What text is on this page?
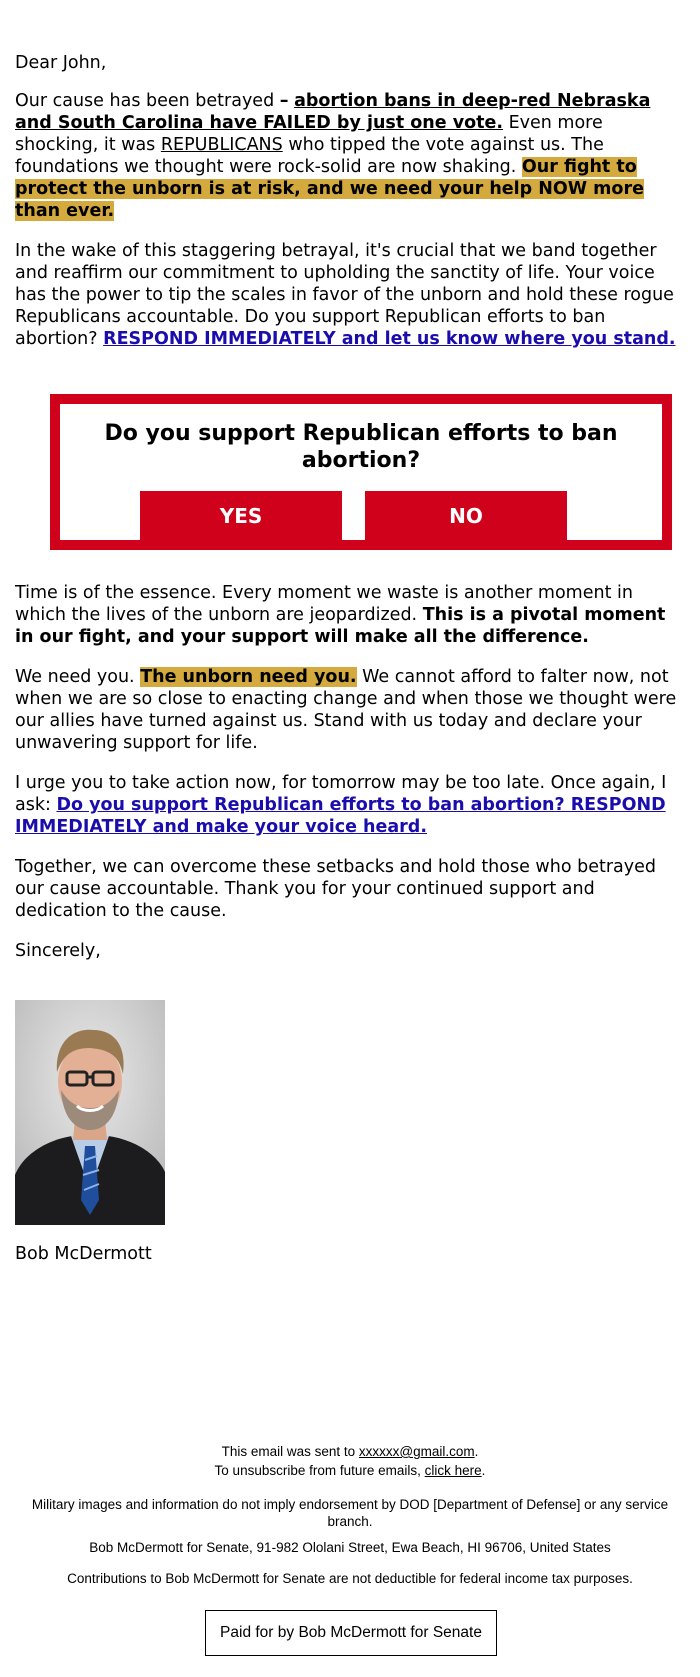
Dear John,

Our cause has been betrayed – abortion bans in deep-red Nebraska and South Carolina have FAILED by just one vote. Even more shocking, it was REPUBLICANS who tipped the vote against us. The foundations we thought were rock-solid are now shaking. Our fight to protect the unborn is at risk, and we need your help NOW more than ever.

In the wake of this staggering betrayal, it's crucial that we band together and reaffirm our commitment to upholding the sanctity of life. Your voice has the power to tip the scales in favor of the unborn and hold these rogue Republicans accountable. Do you support Republican efforts to ban abortion? RESPOND IMMEDIATELY and let us know where you stand.

Do you support Republican efforts to ban abortion?
YES	NO

Time is of the essence. Every moment we waste is another moment in which the lives of the unborn are jeopardized. This is a pivotal moment in our fight, and your support will make all the difference.

We need you. The unborn need you. We cannot afford to falter now, not when we are so close to enacting change and when those we thought were our allies have turned against us. Stand with us today and declare your unwavering support for life.

I urge you to take action now, for tomorrow may be too late. Once again, I ask: Do you support Republican efforts to ban abortion? RESPOND IMMEDIATELY and make your voice heard.

Together, we can overcome these setbacks and hold those who betrayed our cause accountable. Thank you for your continued support and dedication to the cause.

Sincerely,

Bob McDermott
This email was sent to xxxxxx@gmail.com.
To unsubscribe from future emails, click here.
Military images and information do not imply endorsement by DOD [Department of Defense] or any service branch.
Bob McDermott for Senate, 91-982 Ololani Street, Ewa Beach, HI 96706, United States
Contributions to Bob McDermott for Senate are not deductible for federal income tax purposes.
Paid for by Bob McDermott for Senate
